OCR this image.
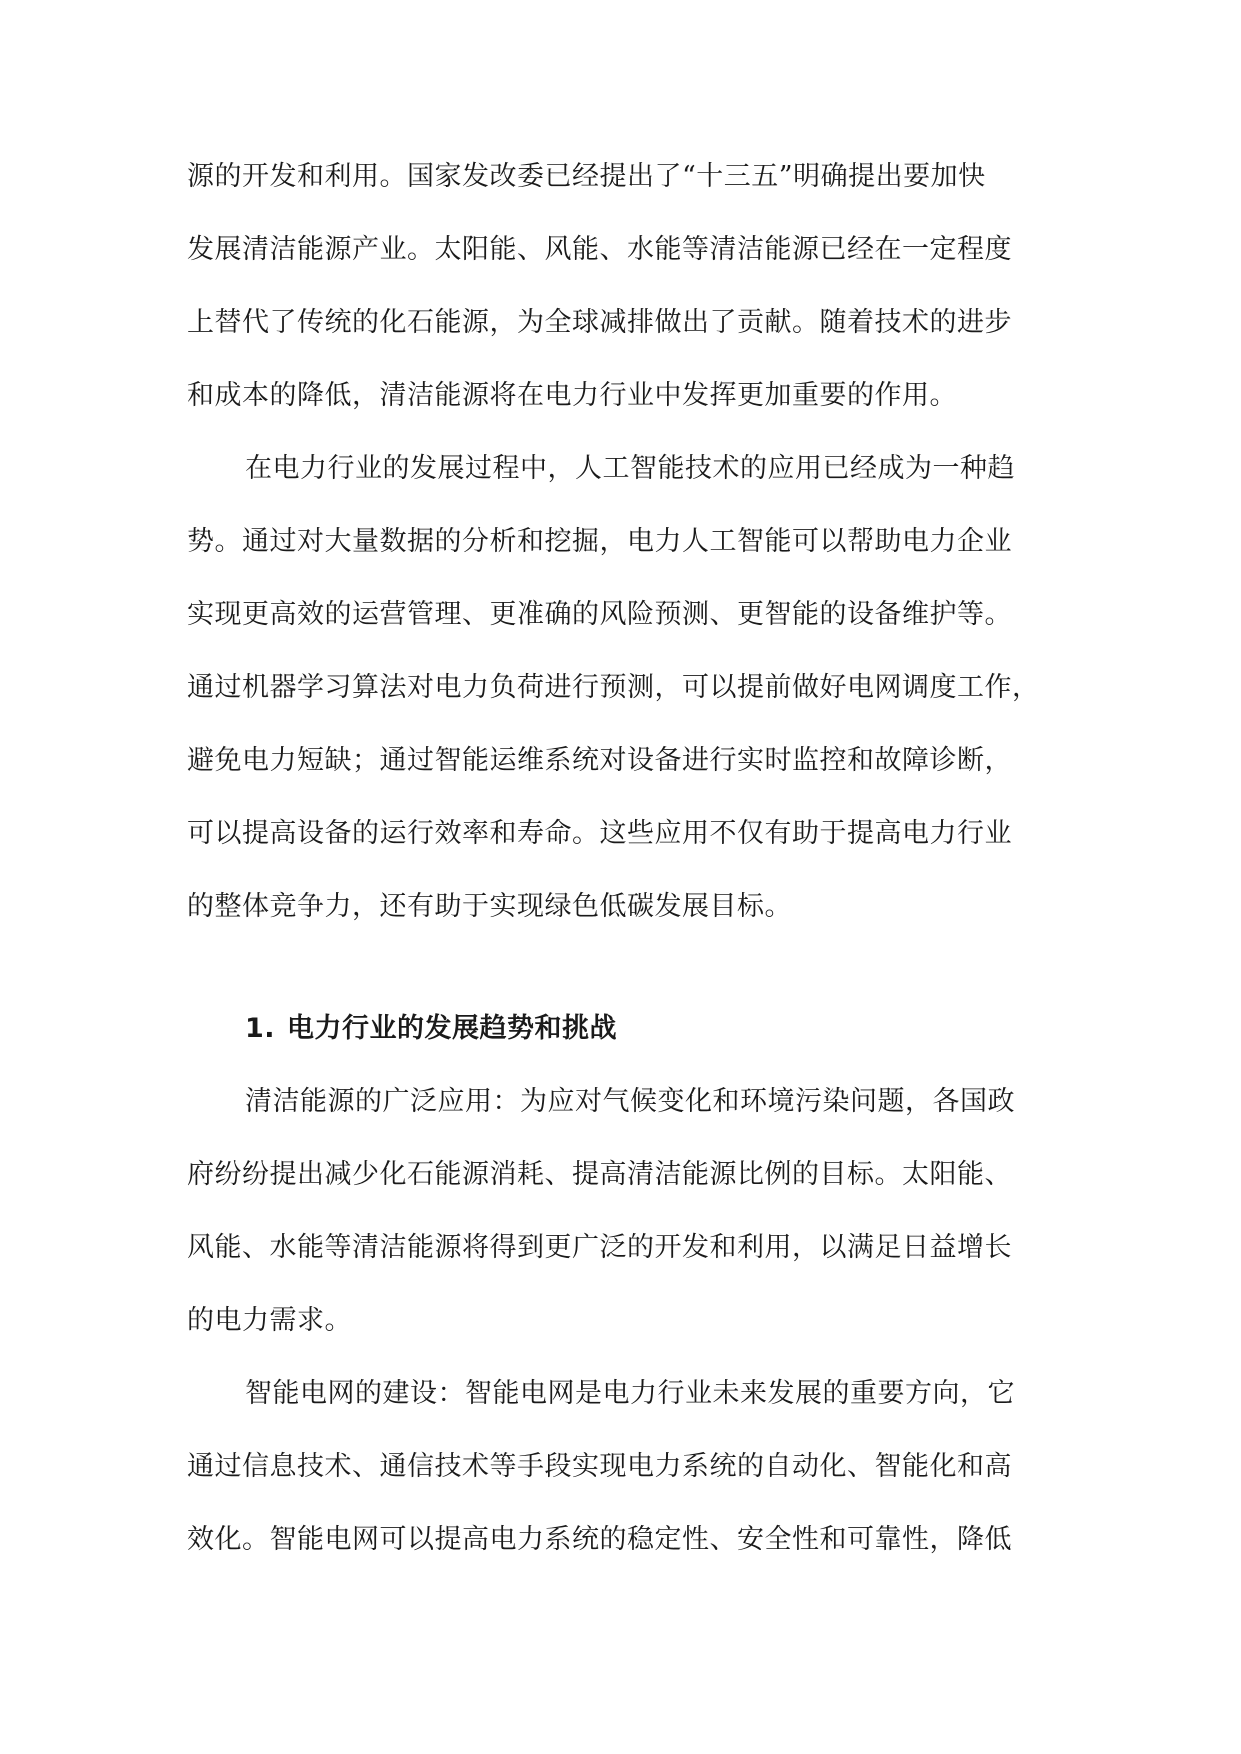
源的开发和利用。国家发改委已经提出了“十三五”明确提出要加快
发展清洁能源产业。太阳能、风能、水能等清洁能源已经在一定程度
上替代了传统的化石能源，为全球减排做出了贡献。随着技术的进步
和成本的降低，清洁能源将在电力行业中发挥更加重要的作用。
在电力行业的发展过程中，人工智能技术的应用已经成为一种趋
势。通过对大量数据的分析和挖掘，电力人工智能可以帮助电力企业
实现更高效的运营管理、更准确的风险预测、更智能的设备维护等。
通过机器学习算法对电力负荷进行预测，可以提前做好电网调度工作，
避免电力短缺；通过智能运维系统对设备进行实时监控和故障诊断，
可以提高设备的运行效率和寿命。这些应用不仅有助于提高电力行业
的整体竞争力，还有助于实现绿色低碳发展目标。
1. 电力行业的发展趋势和挑战
清洁能源的广泛应用：为应对气候变化和环境污染问题，各国政
府纷纷提出减少化石能源消耗、提高清洁能源比例的目标。太阳能、
风能、水能等清洁能源将得到更广泛的开发和利用，以满足日益增长
的电力需求。
智能电网的建设：智能电网是电力行业未来发展的重要方向，它
通过信息技术、通信技术等手段实现电力系统的自动化、智能化和高
效化。智能电网可以提高电力系统的稳定性、安全性和可靠性，降低
